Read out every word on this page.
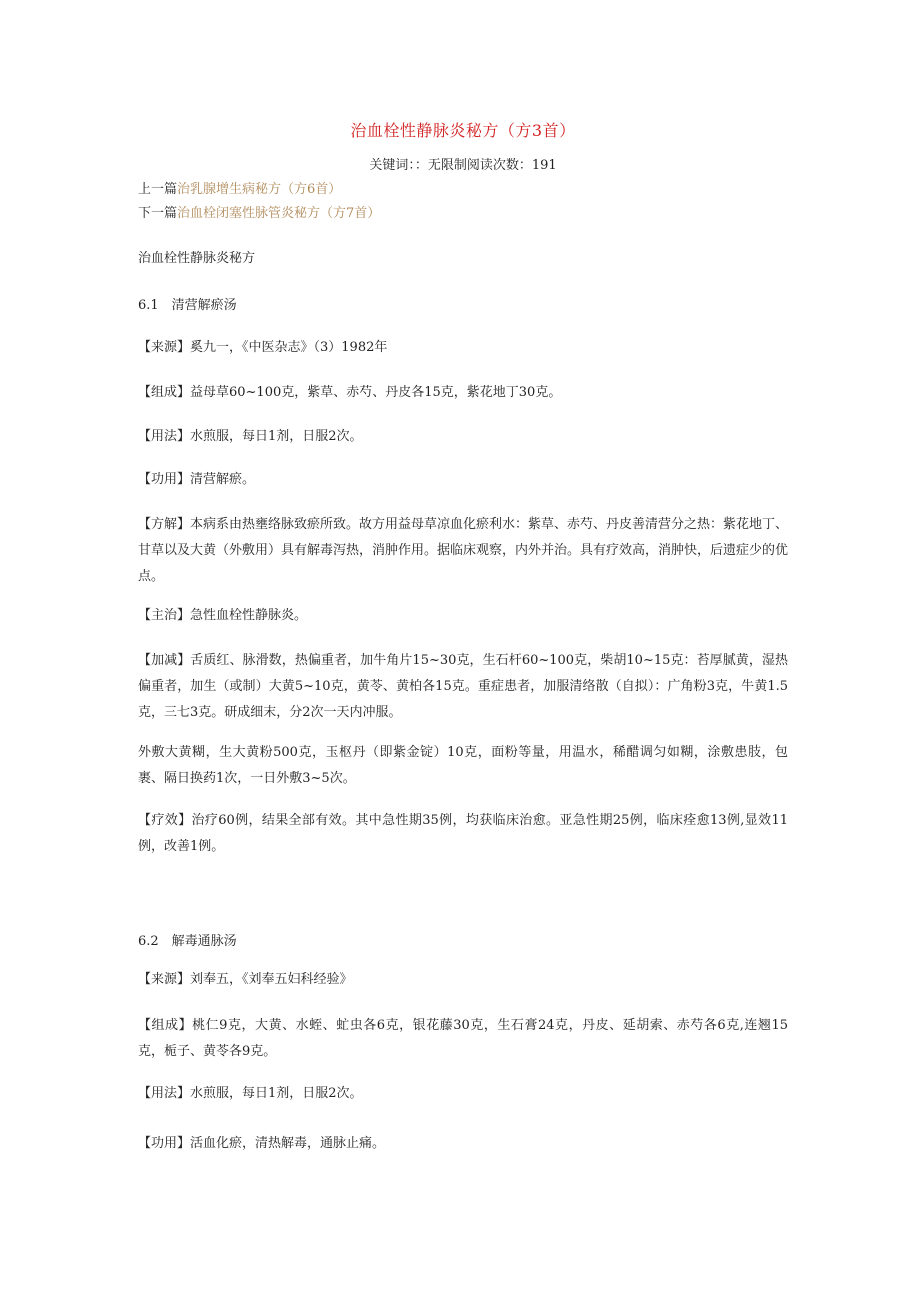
治血栓性静脉炎秘方（方3首）
关键词：：无限制阅读次数：191
上一篇治乳腺增生病秘方（方6首）
下一篇治血栓闭塞性脉管炎秘方（方7首）
治血栓性静脉炎秘方
6.1　清营解瘀汤
【来源】奚九一，《中医杂志》（3）1982年
【组成】益母草60~100克，紫草、赤芍、丹皮各15克，紫花地丁30克。
【用法】水煎服，每日1剂，日服2次。
【功用】清营解瘀。
【方解】本病系由热壅络脉致瘀所致。故方用益母草凉血化瘀利水：紫草、赤芍、丹皮善清营分之热：紫花地丁、甘草以及大黄（外敷用）具有解毒泻热，消肿作用。据临床观察，内外并治。具有疗效高，消肿快，后遗症少的优点。
【主治】急性血栓性静脉炎。
【加减】舌质红、脉滑数，热偏重者，加牛角片15~30克，生石杆60~100克，柴胡10~15克：苔厚腻黄，湿热偏重者，加生（或制）大黄5~10克，黄苓、黄柏各15克。重症患者，加服清络散（自拟）：广角粉3克，牛黄1.5克，三七3克。研成细末，分2次一天内冲服。
外敷大黄糊，生大黄粉500克，玉枢丹（即紫金锭）10克，面粉等量，用温水，稀醋调匀如糊，涂敷患肢，包裹、隔日换药1次，一日外敷3~5次。
【疗效】治疗60例，结果全部有效。其中急性期35例，均获临床治愈。亚急性期25例，临床痊愈13例,显效11例，改善1例。
6.2　解毒通脉汤
【来源】刘奉五，《刘奉五妇科经验》
【组成】桃仁9克，大黄、水蛭、虻虫各6克，银花藤30克，生石膏24克，丹皮、延胡索、赤芍各6克,连翘15克，栀子、黄苓各9克。
【用法】水煎服，每日1剂，日服2次。
【功用】活血化瘀，清热解毒，通脉止痛。
